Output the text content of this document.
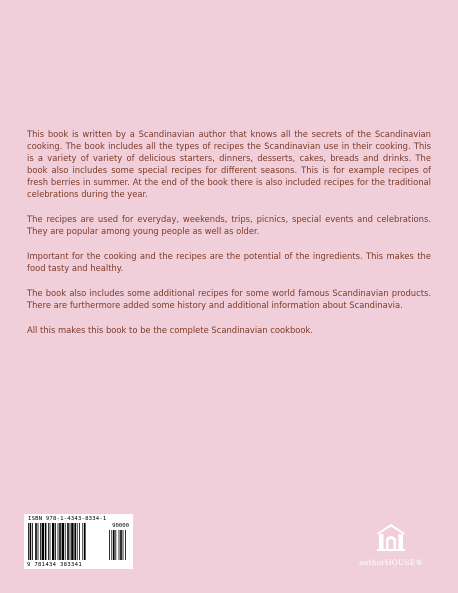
This book is written by a Scandinavian author that knows all the secrets of the Scandinavian cooking. The book includes all the types of recipes the Scandinavian use in their cooking. This is a variety of variety of delicious starters, dinners, desserts, cakes, breads and drinks. The book also includes some special recipes for different seasons. This is for example recipes of fresh berries in summer. At the end of the book there is also included recipes for the traditional celebrations during the year.

The recipes are used for everyday, weekends, trips, picnics, special events and celebrations. They are popular among young people as well as older.

Important for the cooking and the recipes are the potential of the ingredients. This makes the food tasty and healthy.

The book also includes some additional recipes for some world famous Scandinavian products. There are furthermore added some history and additional information about Scandinavia.

All this makes this book to be the complete Scandinavian cookbook.

ISBN 978-1-4343-8334-1
90000
9 781434 383341	authorHOUSE®
